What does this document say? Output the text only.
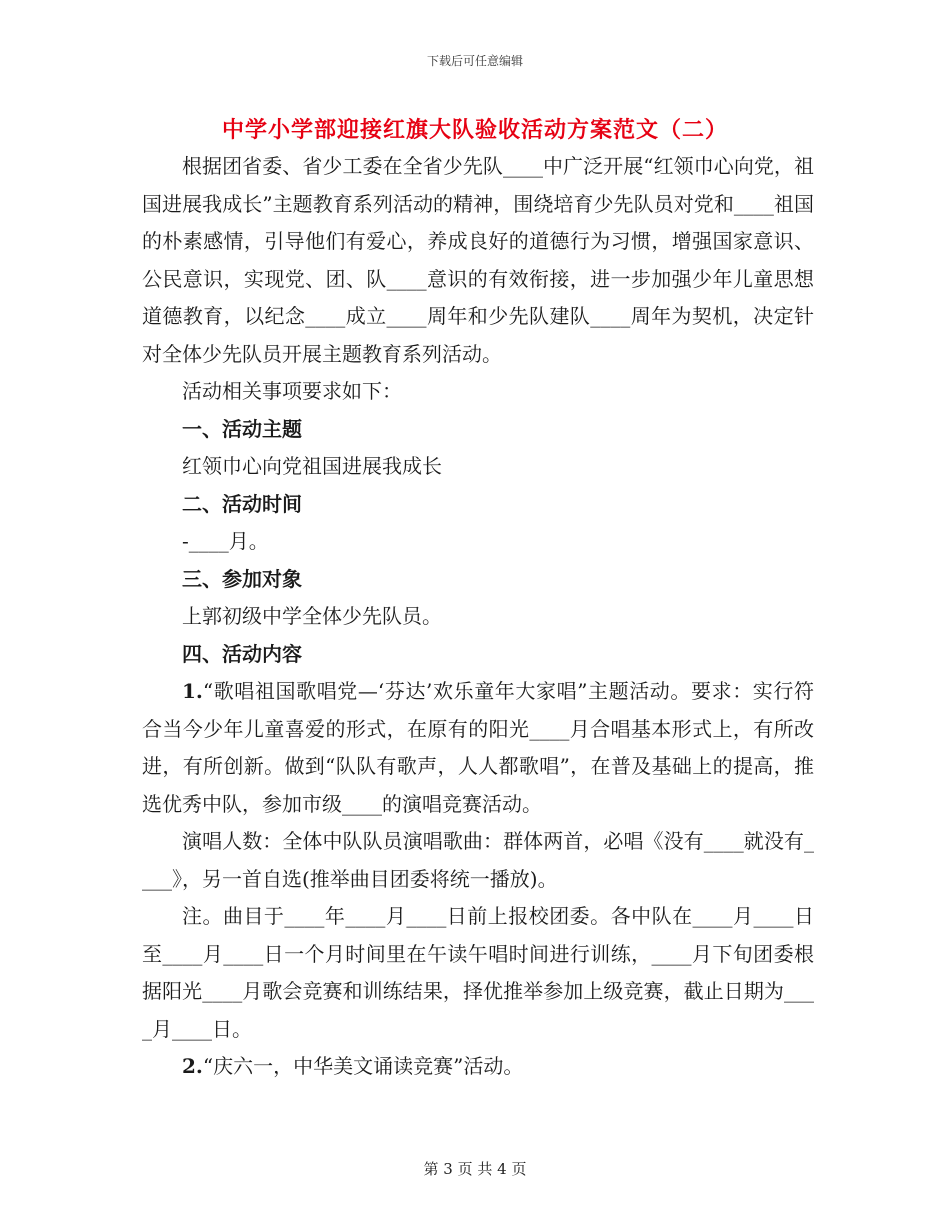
下载后可任意编辑
中学小学部迎接红旗大队验收活动方案范文（二）

根据团省委、省少工委在全省少先队____中广泛开展“红领巾心向党，祖国进展我成长”主题教育系列活动的精神，围绕培育少先队员对党和____祖国的朴素感情，引导他们有爱心，养成良好的道德行为习惯，增强国家意识、公民意识，实现党、团、队____意识的有效衔接，进一步加强少年儿童思想道德教育，以纪念____成立____周年和少先队建队____周年为契机，决定针对全体少先队员开展主题教育系列活动。

活动相关事项要求如下：

一、活动主题

红领巾心向党祖国进展我成长

二、活动时间

-____月。

三、参加对象

上郭初级中学全体少先队员。

四、活动内容

1.“歌唱祖国歌唱党—‘芬达’欢乐童年大家唱”主题活动。要求：实行符合当今少年儿童喜爱的形式，在原有的阳光____月合唱基本形式上，有所改进，有所创新。做到“队队有歌声，人人都歌唱”，在普及基础上的提高，推选优秀中队，参加市级____的演唱竞赛活动。

演唱人数：全体中队队员演唱歌曲：群体两首，必唱《没有____就没有____》，另一首自选(推举曲目团委将统一播放)。

注。曲目于____年____月____日前上报校团委。各中队在____月____日至____月____日一个月时间里在午读午唱时间进行训练，____月下旬团委根据阳光____月歌会竞赛和训练结果，择优推举参加上级竞赛，截止日期为____月____日。

2.“庆六一，中华美文诵读竞赛”活动。

第 3 页 共 4 页
